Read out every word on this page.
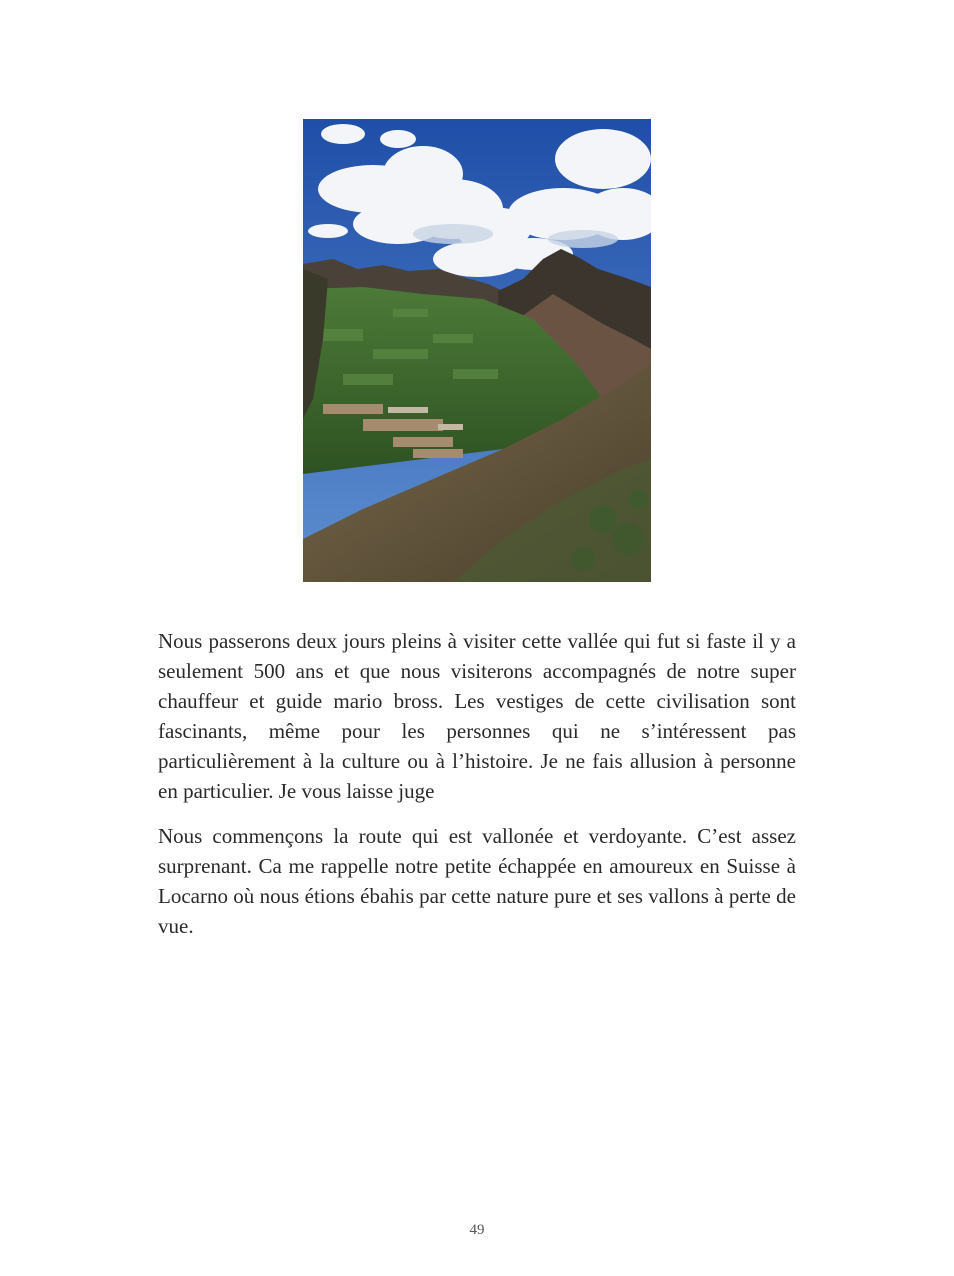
Nous passerons deux jours pleins à visiter cette vallée qui fut si faste il y a seulement 500 ans et que nous visiterons accompagnés de notre super chauffeur et guide mario bross. Les vestiges de cette civilisation sont fascinants, même pour les personnes qui ne s’intéressent pas particulièrement à la culture ou à l’histoire. Je ne fais allusion à personne en particulier. Je vous laisse juge

Nous commençons la route qui est vallonée et verdoyante. C’est assez surprenant. Ca me rappelle notre petite échappée en amoureux en Suisse à Locarno où nous étions ébahis par cette nature pure et ses vallons à perte de vue.

49
